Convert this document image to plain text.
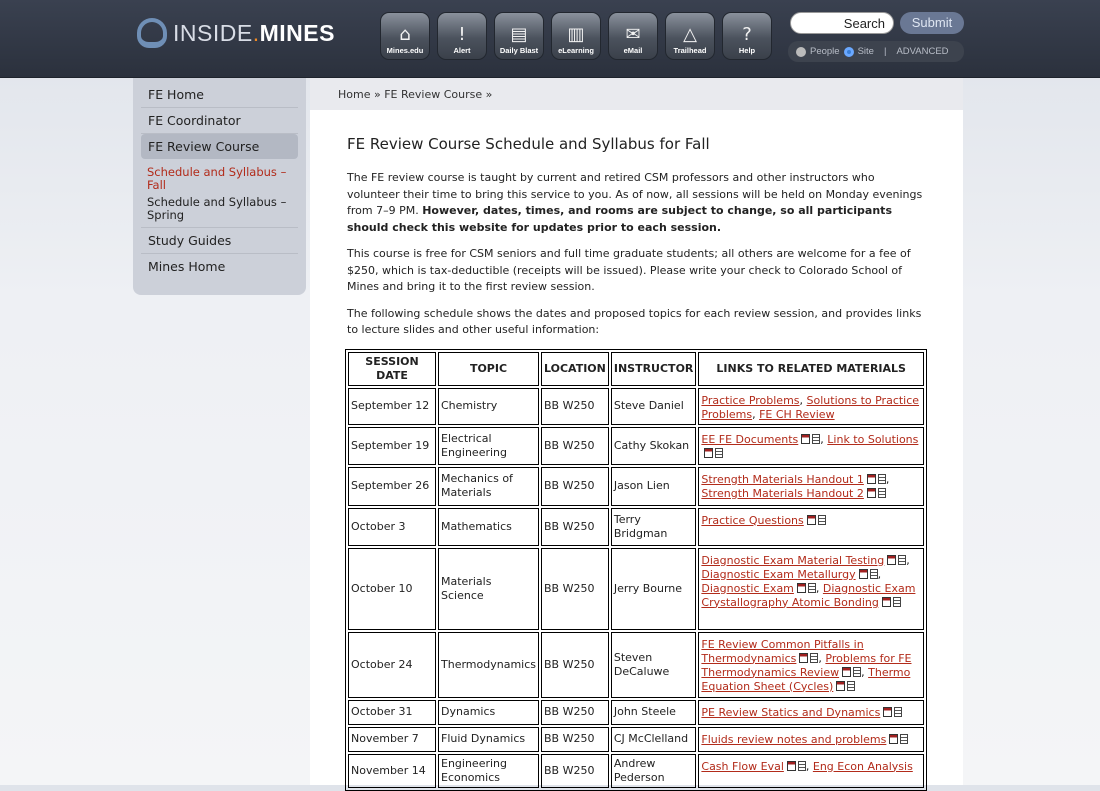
INSIDE.MINES	⌂
Mines.edu
!
Alert
▤
Daily Blast
▥
eLearning
✉
eMail
△
Trailhead
?
Help
Search	Submit
People Site | ADVANCED
FE Home
FE Coordinator
FE Review Course
Schedule and Syllabus – Fall
Schedule and Syllabus – Spring
Study Guides
Mines Home
Home » FE Review Course »
FE Review Course Schedule and Syllabus for Fall

The FE review course is taught by current and retired CSM professors and other instructors who volunteer their time to bring this service to you. As of now, all sessions will be held on Monday evenings from 7–9 PM. However, dates, times, and rooms are subject to change, so all participants should check this website for updates prior to each session.

This course is free for CSM seniors and full time graduate students; all others are welcome for a fee of $250, which is tax-deductible (receipts will be issued). Please write your check to Colorado School of Mines and bring it to the first review session.

The following schedule shows the dates and proposed topics for each review session, and provides links to lecture slides and other useful information:

SESSION DATE	TOPIC	LOCATION	INSTRUCTOR	LINKS TO RELATED MATERIALS
September 12	Chemistry	BB W250	Steve Daniel	Practice Problems, Solutions to Practice Problems, FE CH Review
September 19	Electrical Engineering	BB W250	Cathy Skokan	EE FE Documents , Link to Solutions
September 26	Mechanics of Materials	BB W250	Jason Lien	Strength Materials Handout 1 , Strength Materials Handout 2
October 3	Mathematics	BB W250	Terry Bridgman	Practice Questions
October 10	Materials Science	BB W250	Jerry Bourne	Diagnostic Exam Material Testing , Diagnostic Exam Metallurgy , Diagnostic Exam , Diagnostic Exam Crystallography Atomic Bonding
October 24	Thermodynamics	BB W250	Steven DeCaluwe	FE Review Common Pitfalls in Thermodynamics , Problems for FE Thermodynamics Review , Thermo Equation Sheet (Cycles)
October 31	Dynamics	BB W250	John Steele	PE Review Statics and Dynamics
November 7	Fluid Dynamics	BB W250	CJ McClelland	Fluids review notes and problems
November 14	Engineering Economics	BB W250	Andrew Pederson	Cash Flow Eval , Eng Econ Analysis
